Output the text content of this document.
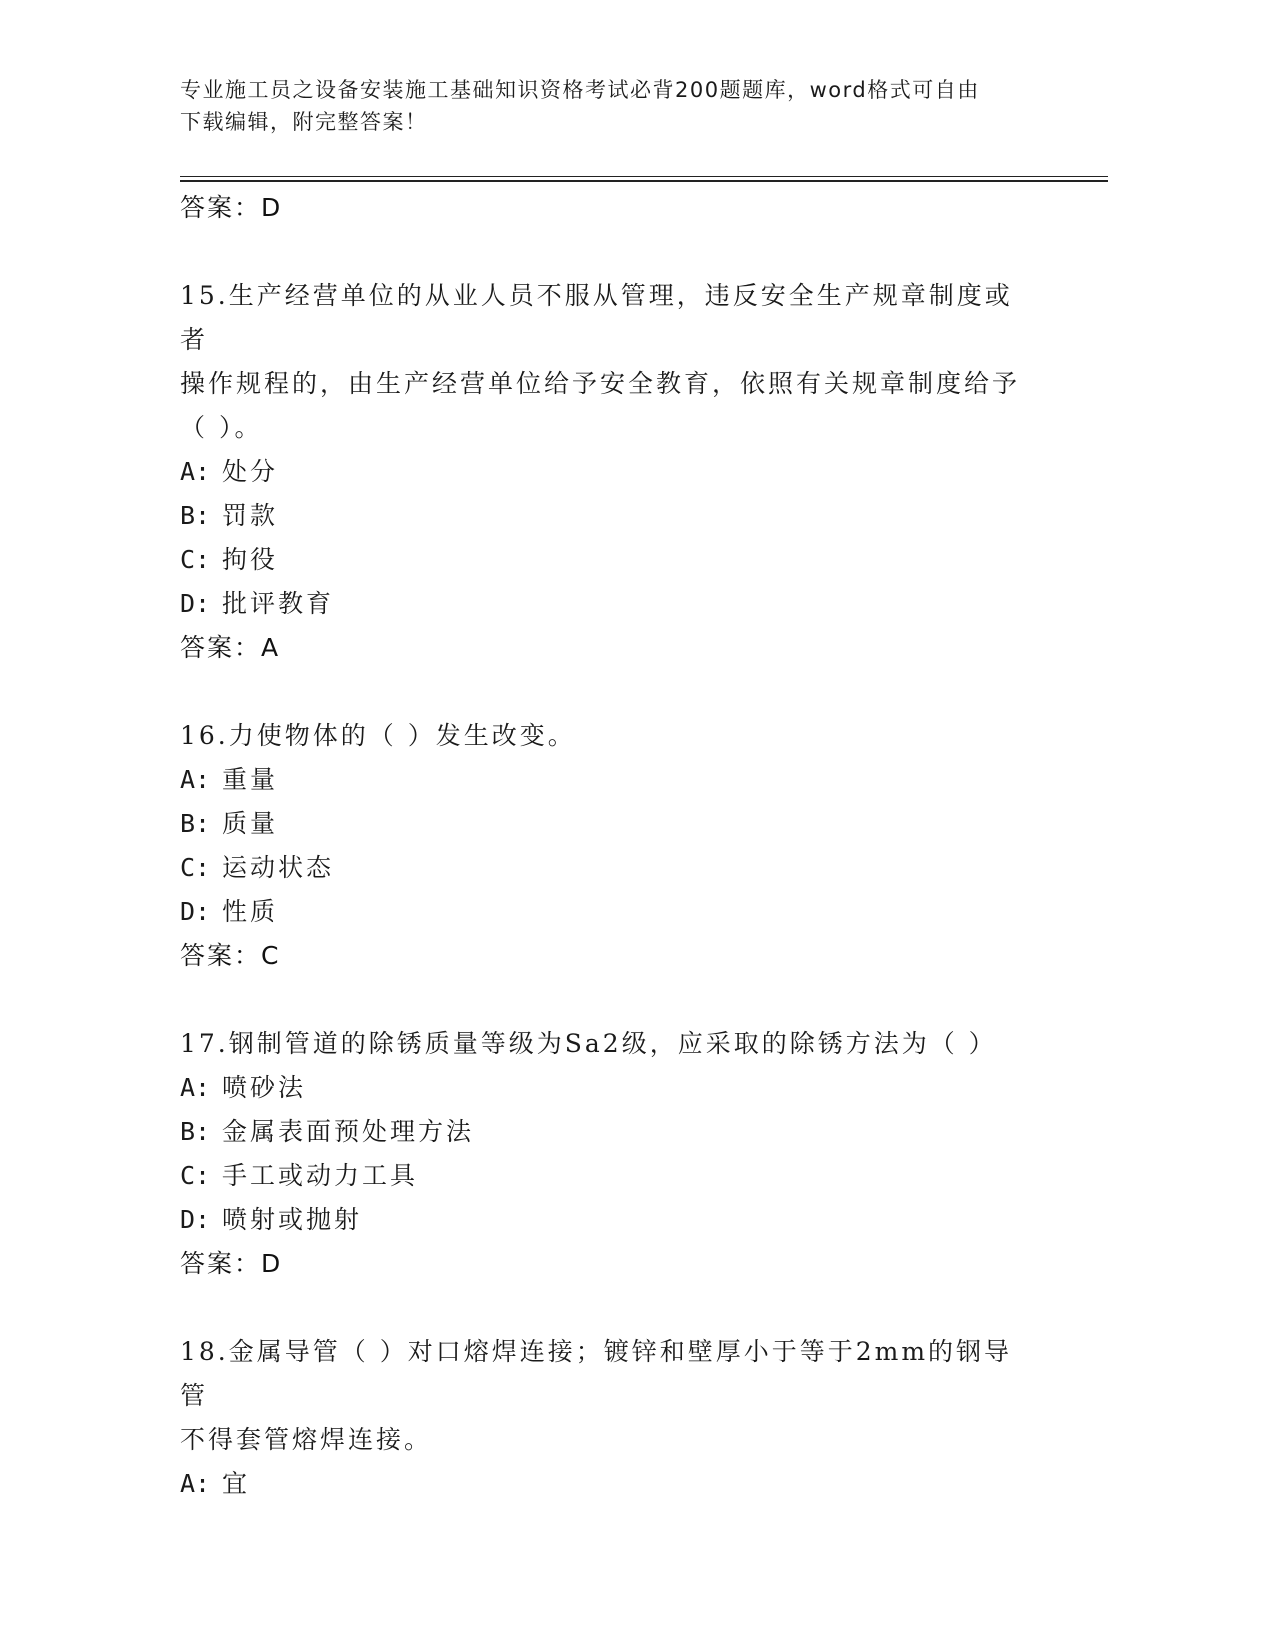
专业施工员之设备安装施工基础知识资格考试必背200题题库，word格式可自由
下载编辑，附完整答案！
答案：D
15.生产经营单位的从业人员不服从管理，违反安全生产规章制度或者
操作规程的，由生产经营单位给予安全教育，依照有关规章制度给予
（ ）。
A: 处分
B: 罚款
C: 拘役
D: 批评教育
答案：A
16.力使物体的（ ）发生改变。
A: 重量
B: 质量
C: 运动状态
D: 性质
答案：C
17.钢制管道的除锈质量等级为Sa2级，应采取的除锈方法为（ ）
A: 喷砂法
B: 金属表面预处理方法
C: 手工或动力工具
D: 喷射或抛射
答案：D
18.金属导管（ ）对口熔焊连接；镀锌和壁厚小于等于2mm的钢导管
不得套管熔焊连接。
A: 宜
